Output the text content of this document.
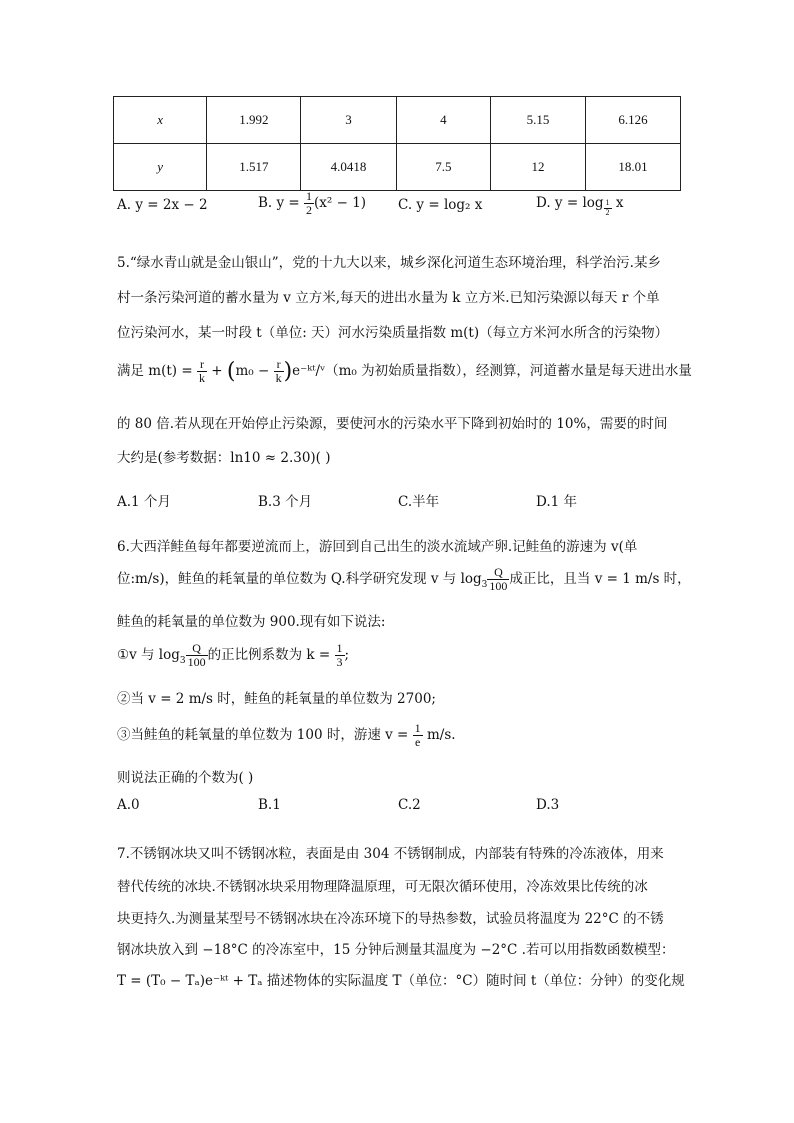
x	1.992	3	4	5.15	6.126
y	1.517	4.0418	7.5	12	18.01
A. y = 2x − 2	B. $y = \frac{1}{2} (x^2 - 1)$ C. y = log₂ x	D. $y = \log \frac{1}{2}$ x
5.“绿水青山就是金山银山”，党的十九大以来，城乡深化河道生态环境治理，科学治污.某乡
村一条污染河道的蓄水量为 v 立方米,每天的进出水量为 k 立方米.已知污染源以每天 r 个单
位污染河水，某一时段 t（单位: 天）河水污染质量指数 m(t)（每立方米河水所含的污染物）
满足 $m(t) = \frac{r}{k} + (m_0 - \frac{r}{k}$ )e⁻ᵏᵗ/ᵛ（m₀ 为初始质量指数），经测算，河道蓄水量是每天进出水量
的 80 倍.若从现在开始停止污染源，要使河水的污染水平下降到初始时的 10%，需要的时间
大约是(参考数据：ln10 ≈ 2.30)( )
A.1 个月	B.3 个月	C.半年	D.1 年
6.大西洋鲑鱼每年都要逆流而上，游回到自己出生的淡水流域产卵.记鲑鱼的游速为 v(单
位:m/s)，鲑鱼的耗氧量的单位数为 Q.科学研究发现 v 与 $\log_3 \frac{Q}{100}$ 成正比，且当 v = 1 m/s 时，
鲑鱼的耗氧量的单位数为 900.现有如下说法:
①v 与 $\log_3 \frac{Q}{100}$ 的正比例系数为 $k = \frac{1}{3}$ ;
②当 v = 2 m/s 时，鲑鱼的耗氧量的单位数为 2700;
③当鲑鱼的耗氧量的单位数为 100 时，游速 $v = \frac{1}{e} m/s$.
则说法正确的个数为( )
A.0	B.1	C.2	D.3
7.不锈钢冰块又叫不锈钢冰粒，表面是由 304 不锈钢制成，内部装有特殊的冷冻液体，用来
替代传统的冰块.不锈钢冰块采用物理降温原理，可无限次循环使用，冷冻效果比传统的冰
块更持久.为测量某型号不锈钢冰块在冷冻环境下的导热参数，试验员将温度为 22°C 的不锈
钢冰块放入到 −18°C 的冷冻室中，15 分钟后测量其温度为 −2°C .若可以用指数函数模型：
T = (T₀ − Tₐ)e⁻ᵏᵗ + Tₐ 描述物体的实际温度 T（单位：°C）随时间 t（单位：分钟）的变化规
